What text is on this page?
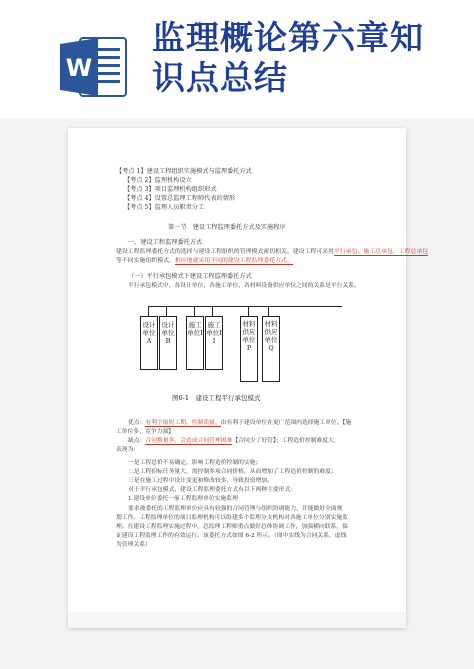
W
监理概论第六章知识点总结
【考点 1】建设工程组织实施模式与监理委托方式
【考点 2】监理机构设立
【考点 3】项目监理机构组织形式
【考点 4】设置总监理工程师代表的情形
【考点 5】监理人员职责分工
第一节　建设工程监理委托方式及实施程序
一、建设工程监理委托方式
建设工程监理委托方式的选择与建设工程组织的管理模式密切相关。建设工程可采用平行承包、施工总承包、工程总承包
等不同实施组织模式，相应地就采用不同的建设工程监理委托方式。
（一）平行承包模式下建设工程监理委托方式
平行承包模式中，各设计单位、各施工单位、各材料设备供应单位之间的关系是平行关系。
设计单位A
设计单位B
施工单位I
施工单位II
材料供应单位P
材料供应单位Q
图6-1　建设工程平行承包模式
优点：有利于缩短工期，控制质量，由有利于建设单位在更广范围内选择施工单位。【施
工单位多，竞争力强】
缺点：合同数量多，会造成合同管理困难【合同少了好管】；工程造价控制难度大，
表现为：
一是工程总价不易确定，影响工程造价控制的实施；
二是工程招标任务量大，需控制多项合同价格，从而增加了工程造价控制的难度；
三是在施工过程中设计变更和修改较多，导致投资增加。
对于平行承包模式，建设工程监理委托方式有以下两种主要形式：
1.建设单位委托一家工程监理单位实施监理
要求被委托的工程监理单位应具有较强的合同管理与组织协调能力，并能做好全面规
划工作。工程监理单位的项目监理机构可以组建多个监理分支机构对各施工单位分别实施监
理。在建设工程监理实施过程中，总监理工程师重点做好总体协调工作，加强横向联系，保
证建设工程监理工作的有效运行。该委托方式如图 6-2 所示。（图中实线为合同关系，虚线
为管理关系）
